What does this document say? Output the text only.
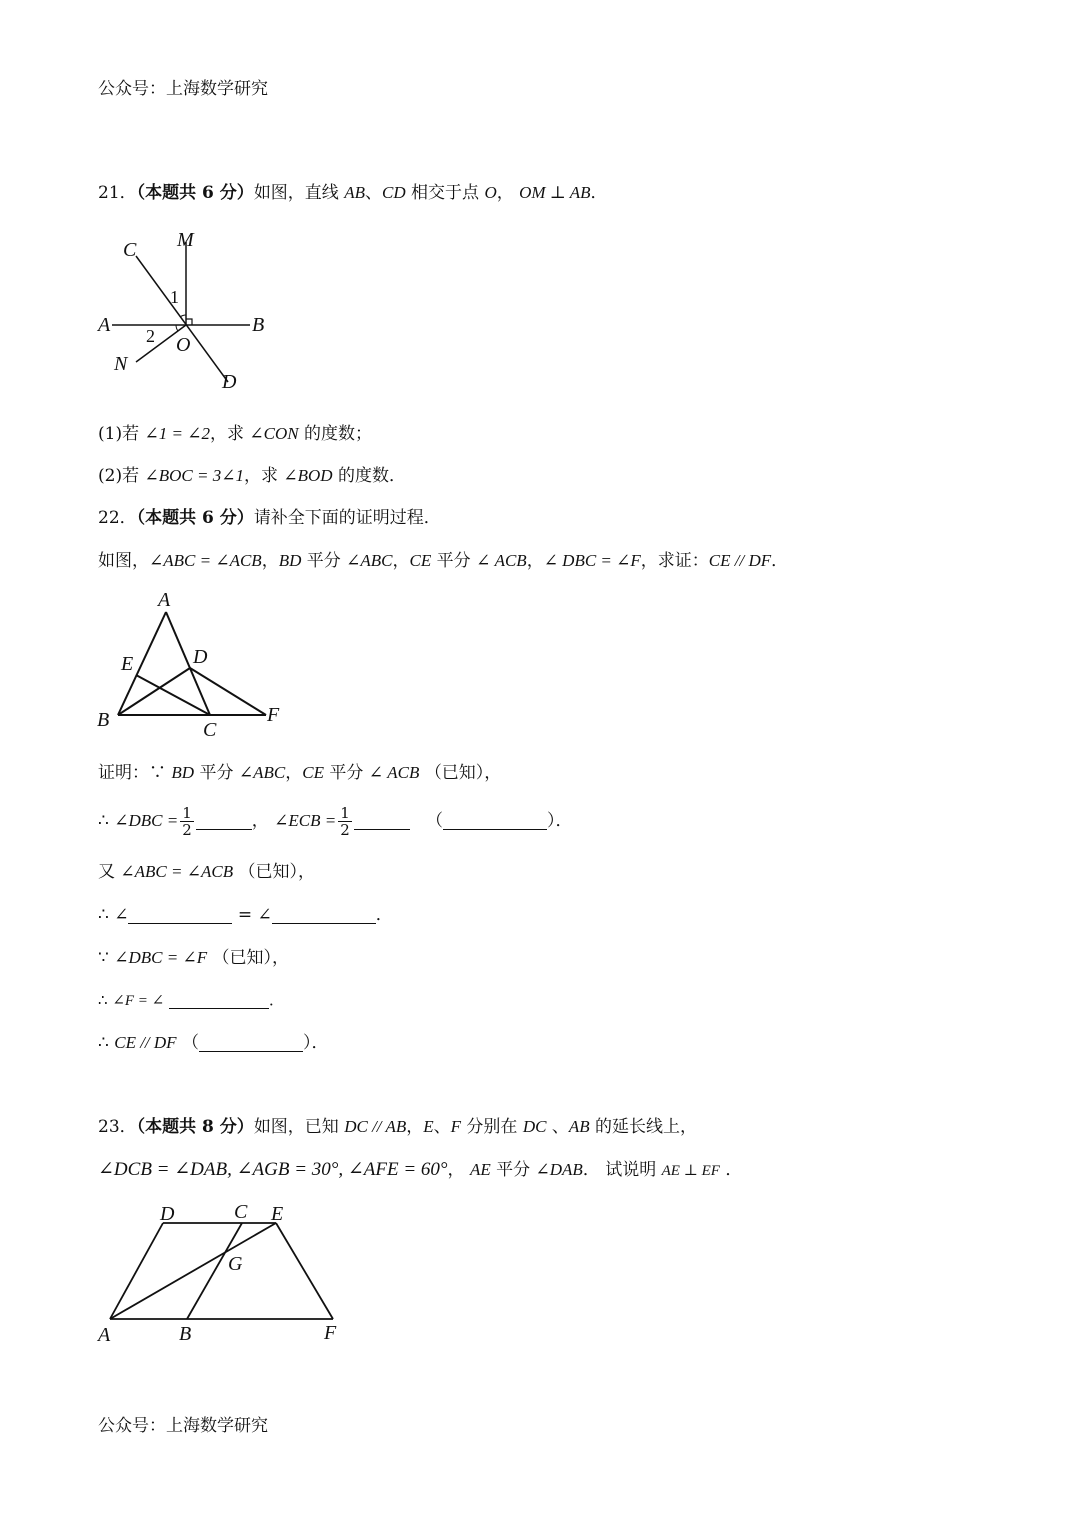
公众号：上海数学研究
21．（本题共 6 分）如图，直线 AB、CD 相交于点 O， OM ⊥ AB．
C M
A	B
O
N
D
1
2
(1)若 ∠1 = ∠2，求 ∠CON 的度数；
(2)若 ∠BOC = 3∠1，求 ∠BOD 的度数．
22．（本题共 6 分）请补全下面的证明过程．
如图，∠ABC = ∠ACB，BD 平分 ∠ABC，CE 平分 ∠ ACB，∠ DBC = ∠F，求证：CE // DF．
A
E	D
B	C
F
证明：∵ BD 平分 ∠ABC，CE 平分 ∠ ACB （已知），
∴ ∠DBC = $\frac{1}{2}$	， ∠ECB = $\frac{1}{2}$	（	）．
又 ∠ABC = ∠ACB （已知），
∴ ∠	= ∠	．
∵ ∠DBC = ∠F （已知），
∴ ∠F = ∠	．
∴ CE // DF （	）．
23．（本题共 8 分）如图，已知 DC // AB，E、F 分别在 DC 、AB 的延长线上，
∠DCB = ∠DAB, ∠AGB = 30°, ∠AFE = 60°， AE 平分 ∠DAB． 试说明 AE ⊥ EF ．
D	C E
G
A	B	F
公众号：上海数学研究
